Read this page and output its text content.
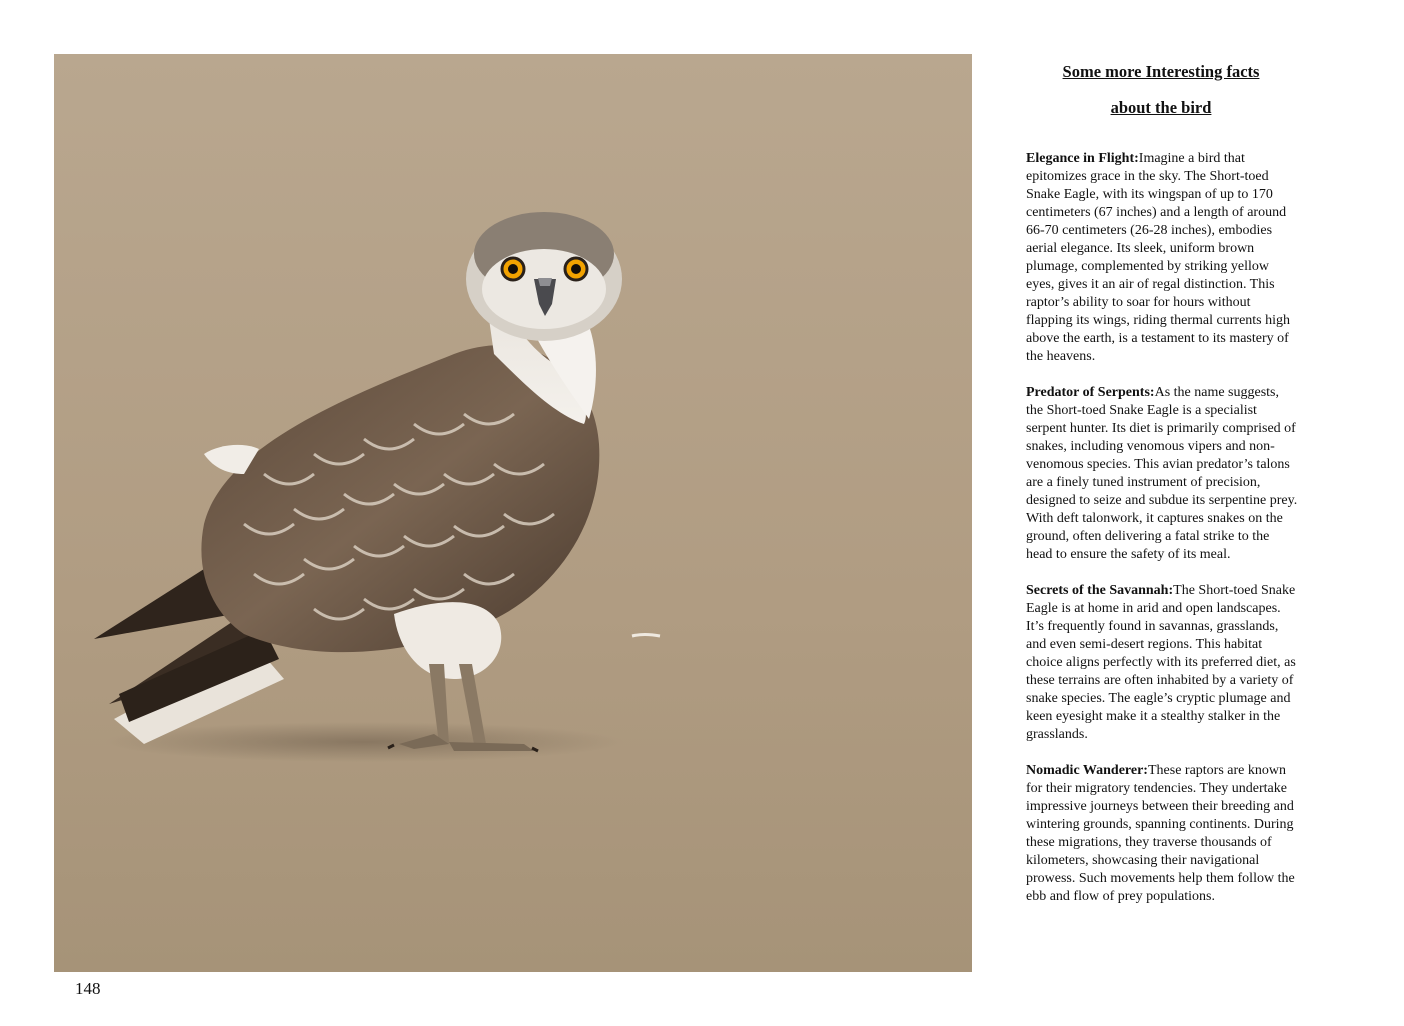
148

Some more Interesting facts
about the bird

Elegance in Flight:Imagine a bird that epitomizes grace in the sky. The Short-toed Snake Eagle, with its wingspan of up to 170 centimeters (67 inches) and a length of around 66-70 centimeters (26-28 inches), embodies aerial elegance. Its sleek, uniform brown plumage, complemented by striking yellow eyes, gives it an air of regal distinction. This raptor’s ability to soar for hours without flapping its wings, riding thermal currents high above the earth, is a testament to its mastery of the heavens.

Predator of Serpents:As the name suggests, the Short-toed Snake Eagle is a specialist serpent hunter. Its diet is primarily comprised of snakes, including venomous vipers and non-venomous species. This avian predator’s talons are a finely tuned instrument of precision, designed to seize and subdue its serpentine prey. With deft talonwork, it captures snakes on the ground, often delivering a fatal strike to the head to ensure the safety of its meal.

Secrets of the Savannah:The Short-toed Snake Eagle is at home in arid and open landscapes. It’s frequently found in savannas, grasslands, and even semi-desert regions. This habitat choice aligns perfectly with its preferred diet, as these terrains are often inhabited by a variety of snake species. The eagle’s cryptic plumage and keen eyesight make it a stealthy stalker in the grasslands.

Nomadic Wanderer:These raptors are known for their migratory tendencies. They undertake impressive journeys between their breeding and wintering grounds, spanning continents. During these migrations, they traverse thousands of kilometers, showcasing their navigational prowess. Such movements help them follow the ebb and flow of prey populations.
